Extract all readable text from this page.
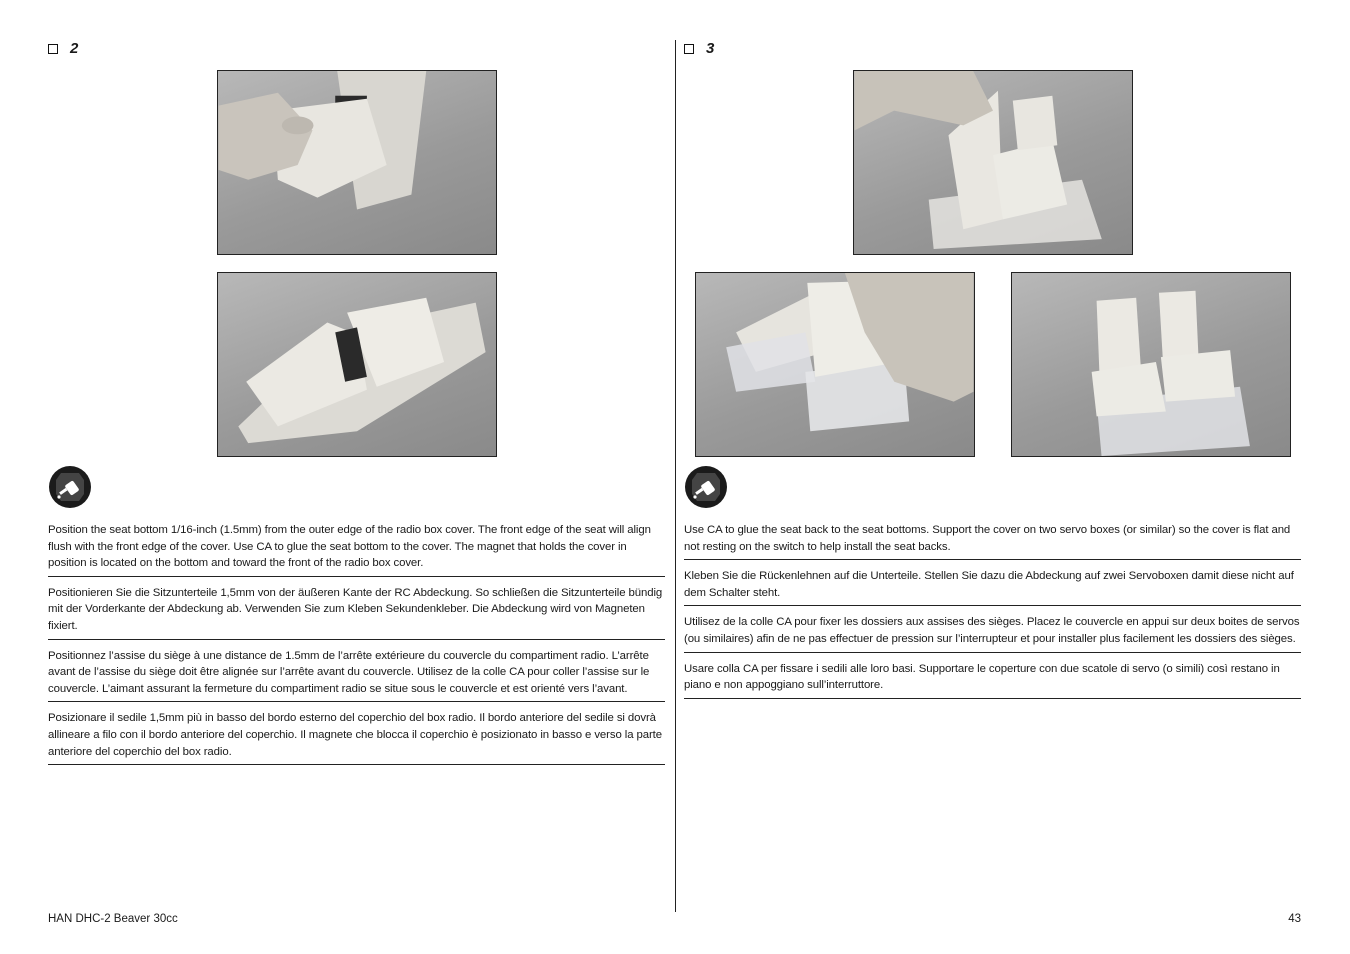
2
Position the seat bottom 1/16-inch (1.5mm) from the outer edge of the radio box cover. The front edge of the seat will align flush with the front edge of the cover. Use CA to glue the seat bottom to the cover. The magnet that holds the cover in position is located on the bottom and toward the front of the radio box cover.
Positionieren Sie die Sitzunterteile 1,5mm von der äußeren Kante der RC Abdeckung. So schließen die Sitzunterteile bündig mit der Vorderkante der Abdeckung ab. Verwenden Sie zum Kleben Sekundenkleber. Die Abdeckung wird von Magneten fixiert.
Positionnez l’assise du siège à une distance de 1.5mm de l’arrête extérieure du couvercle du compartiment radio. L’arrête avant de l’assise du siège doit être alignée sur l’arrête avant du couvercle. Utilisez de la colle CA pour coller l’assise sur le couvercle. L’aimant assurant la fermeture du compartiment radio se situe sous le couvercle et est orienté vers l’avant.
Posizionare il sedile 1,5mm più in basso del bordo esterno del coperchio del box radio. Il bordo anteriore del sedile si dovrà allineare a filo con il bordo anteriore del coperchio. Il magnete che blocca il coperchio è posizionato in basso e verso la parte anteriore del coperchio del box radio.
HAN DHC-2 Beaver 30cc
3
Use CA to glue the seat back to the seat bottoms. Support the cover on two servo boxes (or similar) so the cover is flat and not resting on the switch to help install the seat backs.
Kleben Sie die Rückenlehnen auf die Unterteile. Stellen Sie dazu die Abdeckung auf zwei Servoboxen damit diese nicht auf dem Schalter steht.
Utilisez de la colle CA pour fixer les dossiers aux assises des sièges. Placez le couvercle en appui sur deux boites de servos (ou similaires) afin de ne pas effectuer de pression sur l’interrupteur et pour installer plus facilement les dossiers des sièges.
Usare colla CA per fissare i sedili alle loro basi. Supportare le coperture con due scatole di servo (o simili) così restano in piano e non appoggiano sull’interruttore.
43
